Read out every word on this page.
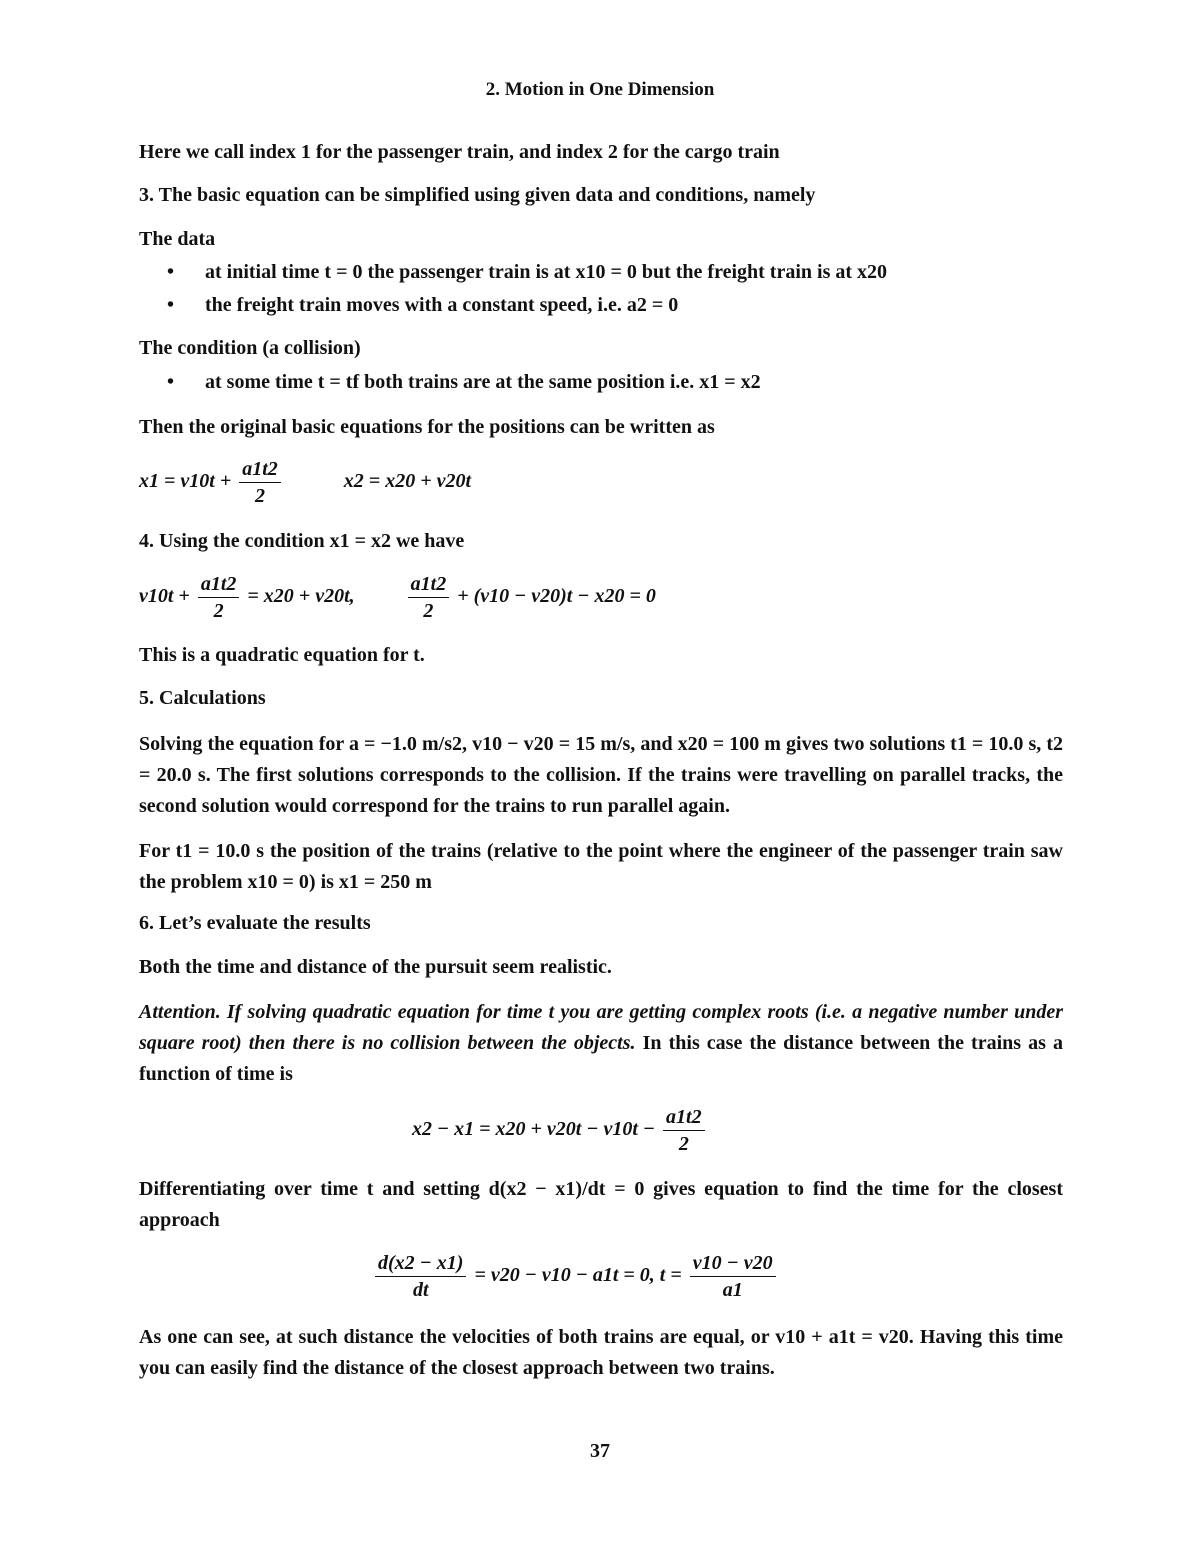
2. Motion in One Dimension
Here we call index 1 for the passenger train, and index 2 for the cargo train
3. The basic equation can be simplified using given data and conditions, namely
The data
• at initial time t = 0 the passenger train is at x10 = 0 but the freight train is at x20
• the freight train moves with a constant speed, i.e. a2 = 0
The condition (a collision)
• at some time t = tf both trains are at the same position i.e. x1 = x2
Then the original basic equations for the positions can be written as
$x1 = v10t + \frac{a1t2}{2}$	x2 = x20 + v20t
4. Using the condition x1 = x2 we have
$v10t + \frac{a1t2}{2} = x20 + v20t$,	$\frac{a1t2}{2} + (v10 - v20)t - x20 = 0$
This is a quadratic equation for t.
5. Calculations
Solving the equation for a = −1.0 m/s2, v10 − v20 = 15 m/s, and x20 = 100 m gives two solutions t1 = 10.0 s, t2 = 20.0 s. The first solutions corresponds to the collision. If the trains were travelling on parallel tracks, the second solution would correspond for the trains to run parallel again.
For t1 = 10.0 s the position of the trains (relative to the point where the engineer of the passenger train saw the problem x10 = 0) is x1 = 250 m
6. Let’s evaluate the results
Both the time and distance of the pursuit seem realistic.
Attention. If solving quadratic equation for time t you are getting complex roots (i.e. a negative number under square root) then there is no collision between the objects. In this case the distance between the trains as a function of time is
$x2 - x1 = x20 + v20t - v10t - \frac{a1t2}{2}$
Differentiating over time t and setting d(x2 − x1)/dt = 0 gives equation to find the time for the closest approach
$\frac{d(x2 - x1)}{dt} = v20 - v10 - a1t = 0$, $t = \frac{v10 - v20}{a1}$
As one can see, at such distance the velocities of both trains are equal, or v10 + a1t = v20. Having this time you can easily find the distance of the closest approach between two trains.
37
